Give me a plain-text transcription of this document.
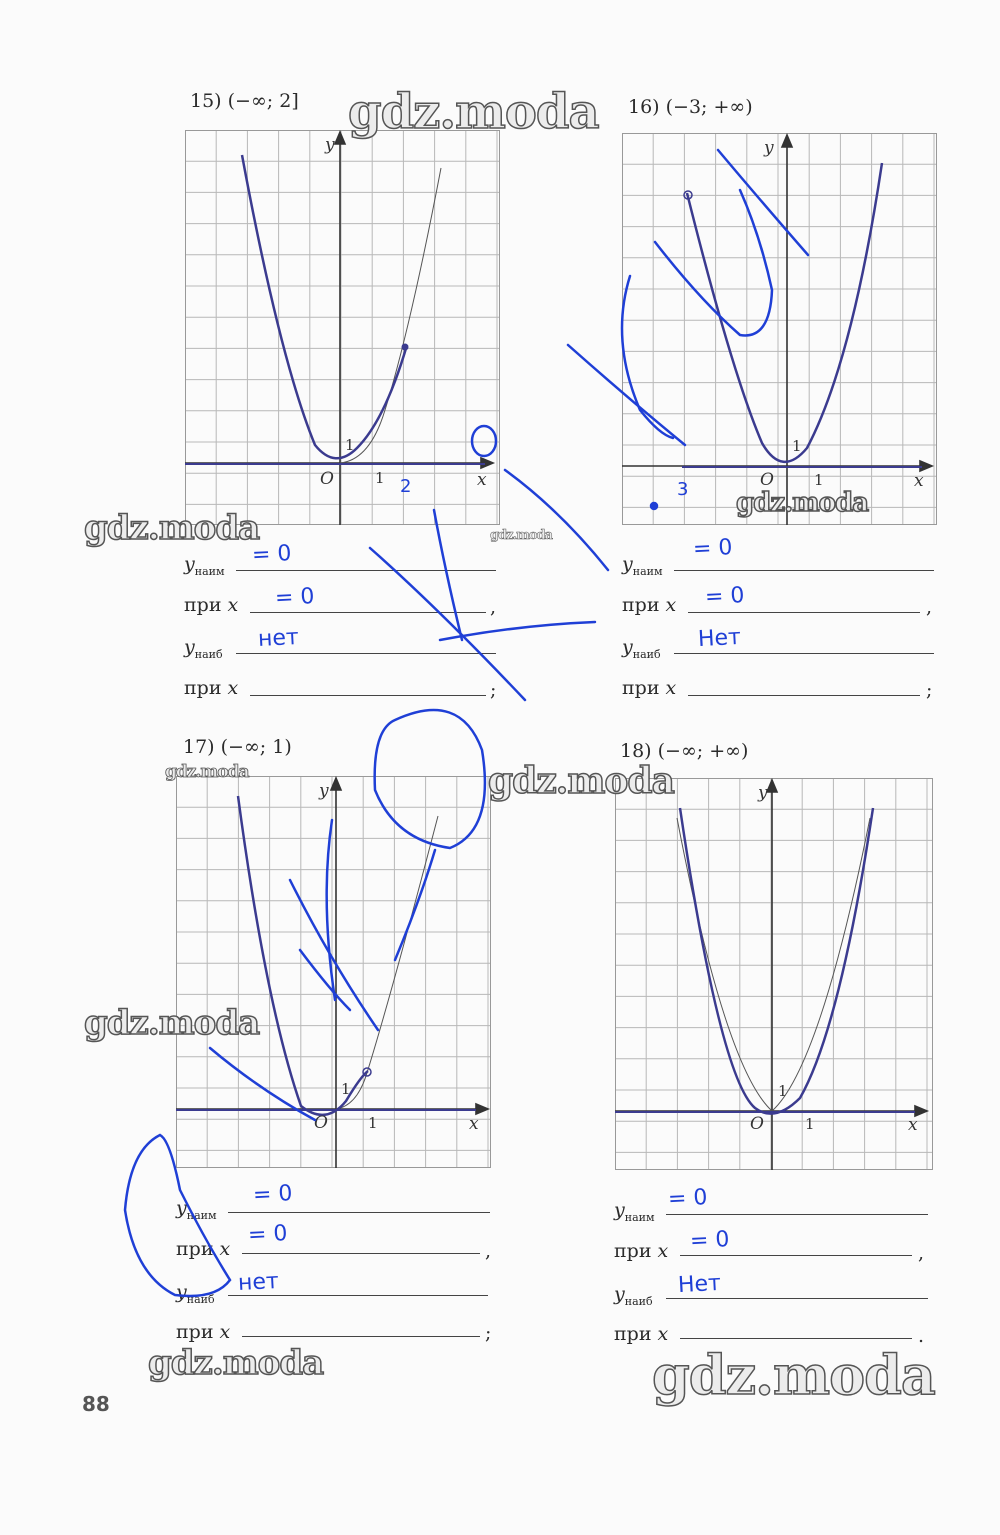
15) (−∞; 2]	16) (−3; +∞)
17) (−∞; 1)	18) (−∞; +∞)
y
x
O	1
1
2
y
x
O	1
1
3
y
x
O	1
1
y
x
O	1
1
$y_{наим}$
= 0
при x = 0	,
$y_{наиб}$
нет
при x	;
$y_{наим}$
= 0
при x = 0	,
$y_{наиб}$
Нет
при x	;
$y_{наим}$
= 0
при x
= 0
,
$y_{наиб}$
нет
при x	;
$y_{наим}$
= 0
при x = 0	,
$y_{наиб}$
Нет
при x	.
gdz.moda
gdz.moda
gdz.moda	gdz.moda
gdz.moda	gdz.moda
gdz.moda
gdz.moda	gdz.moda
88
